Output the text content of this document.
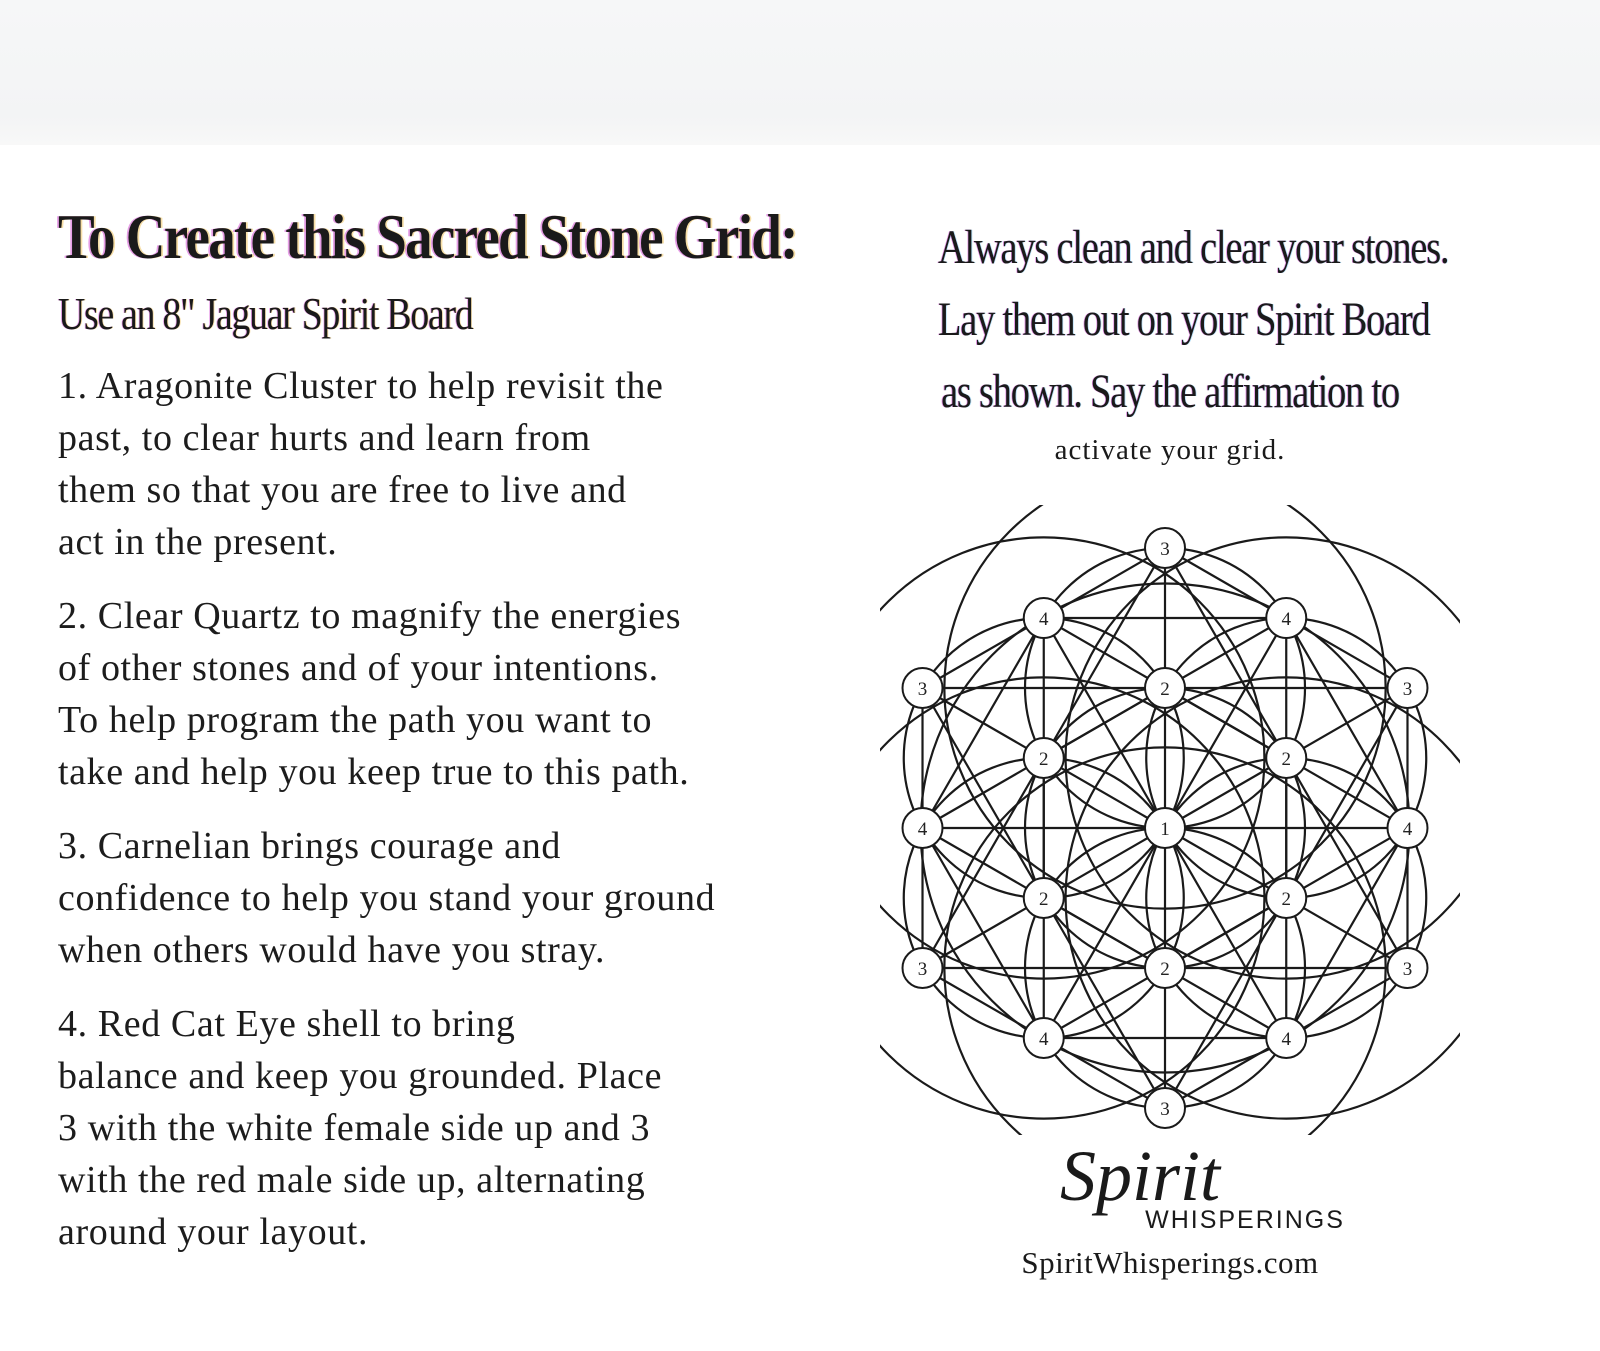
To Create this Sacred Stone Grid:
Use an 8" Jaguar Spirit Board

1. Aragonite Cluster to help revisit the
past, to clear hurts and learn from
them so that you are free to live and
act in the present.

2. Clear Quartz to magnify the energies
of other stones and of your intentions.
To help program the path you want to
take and help you keep true to this path.

3. Carnelian brings courage and
confidence to help you stand your ground
when others would have you stray.

4. Red Cat Eye shell to bring
balance and keep you grounded. Place
3 with the white female side up and 3
with the red male side up, alternating
around your layout.

Always clean and clear your stones.
Lay them out on your Spirit Board
as shown. Say the affirmation to
activate your grid.
1
2
2
2
2
2
2
4
4
4
4
4	4
3
3
3
3
3
3
Spirit
WHISPERINGS
SpiritWhisperings.com
